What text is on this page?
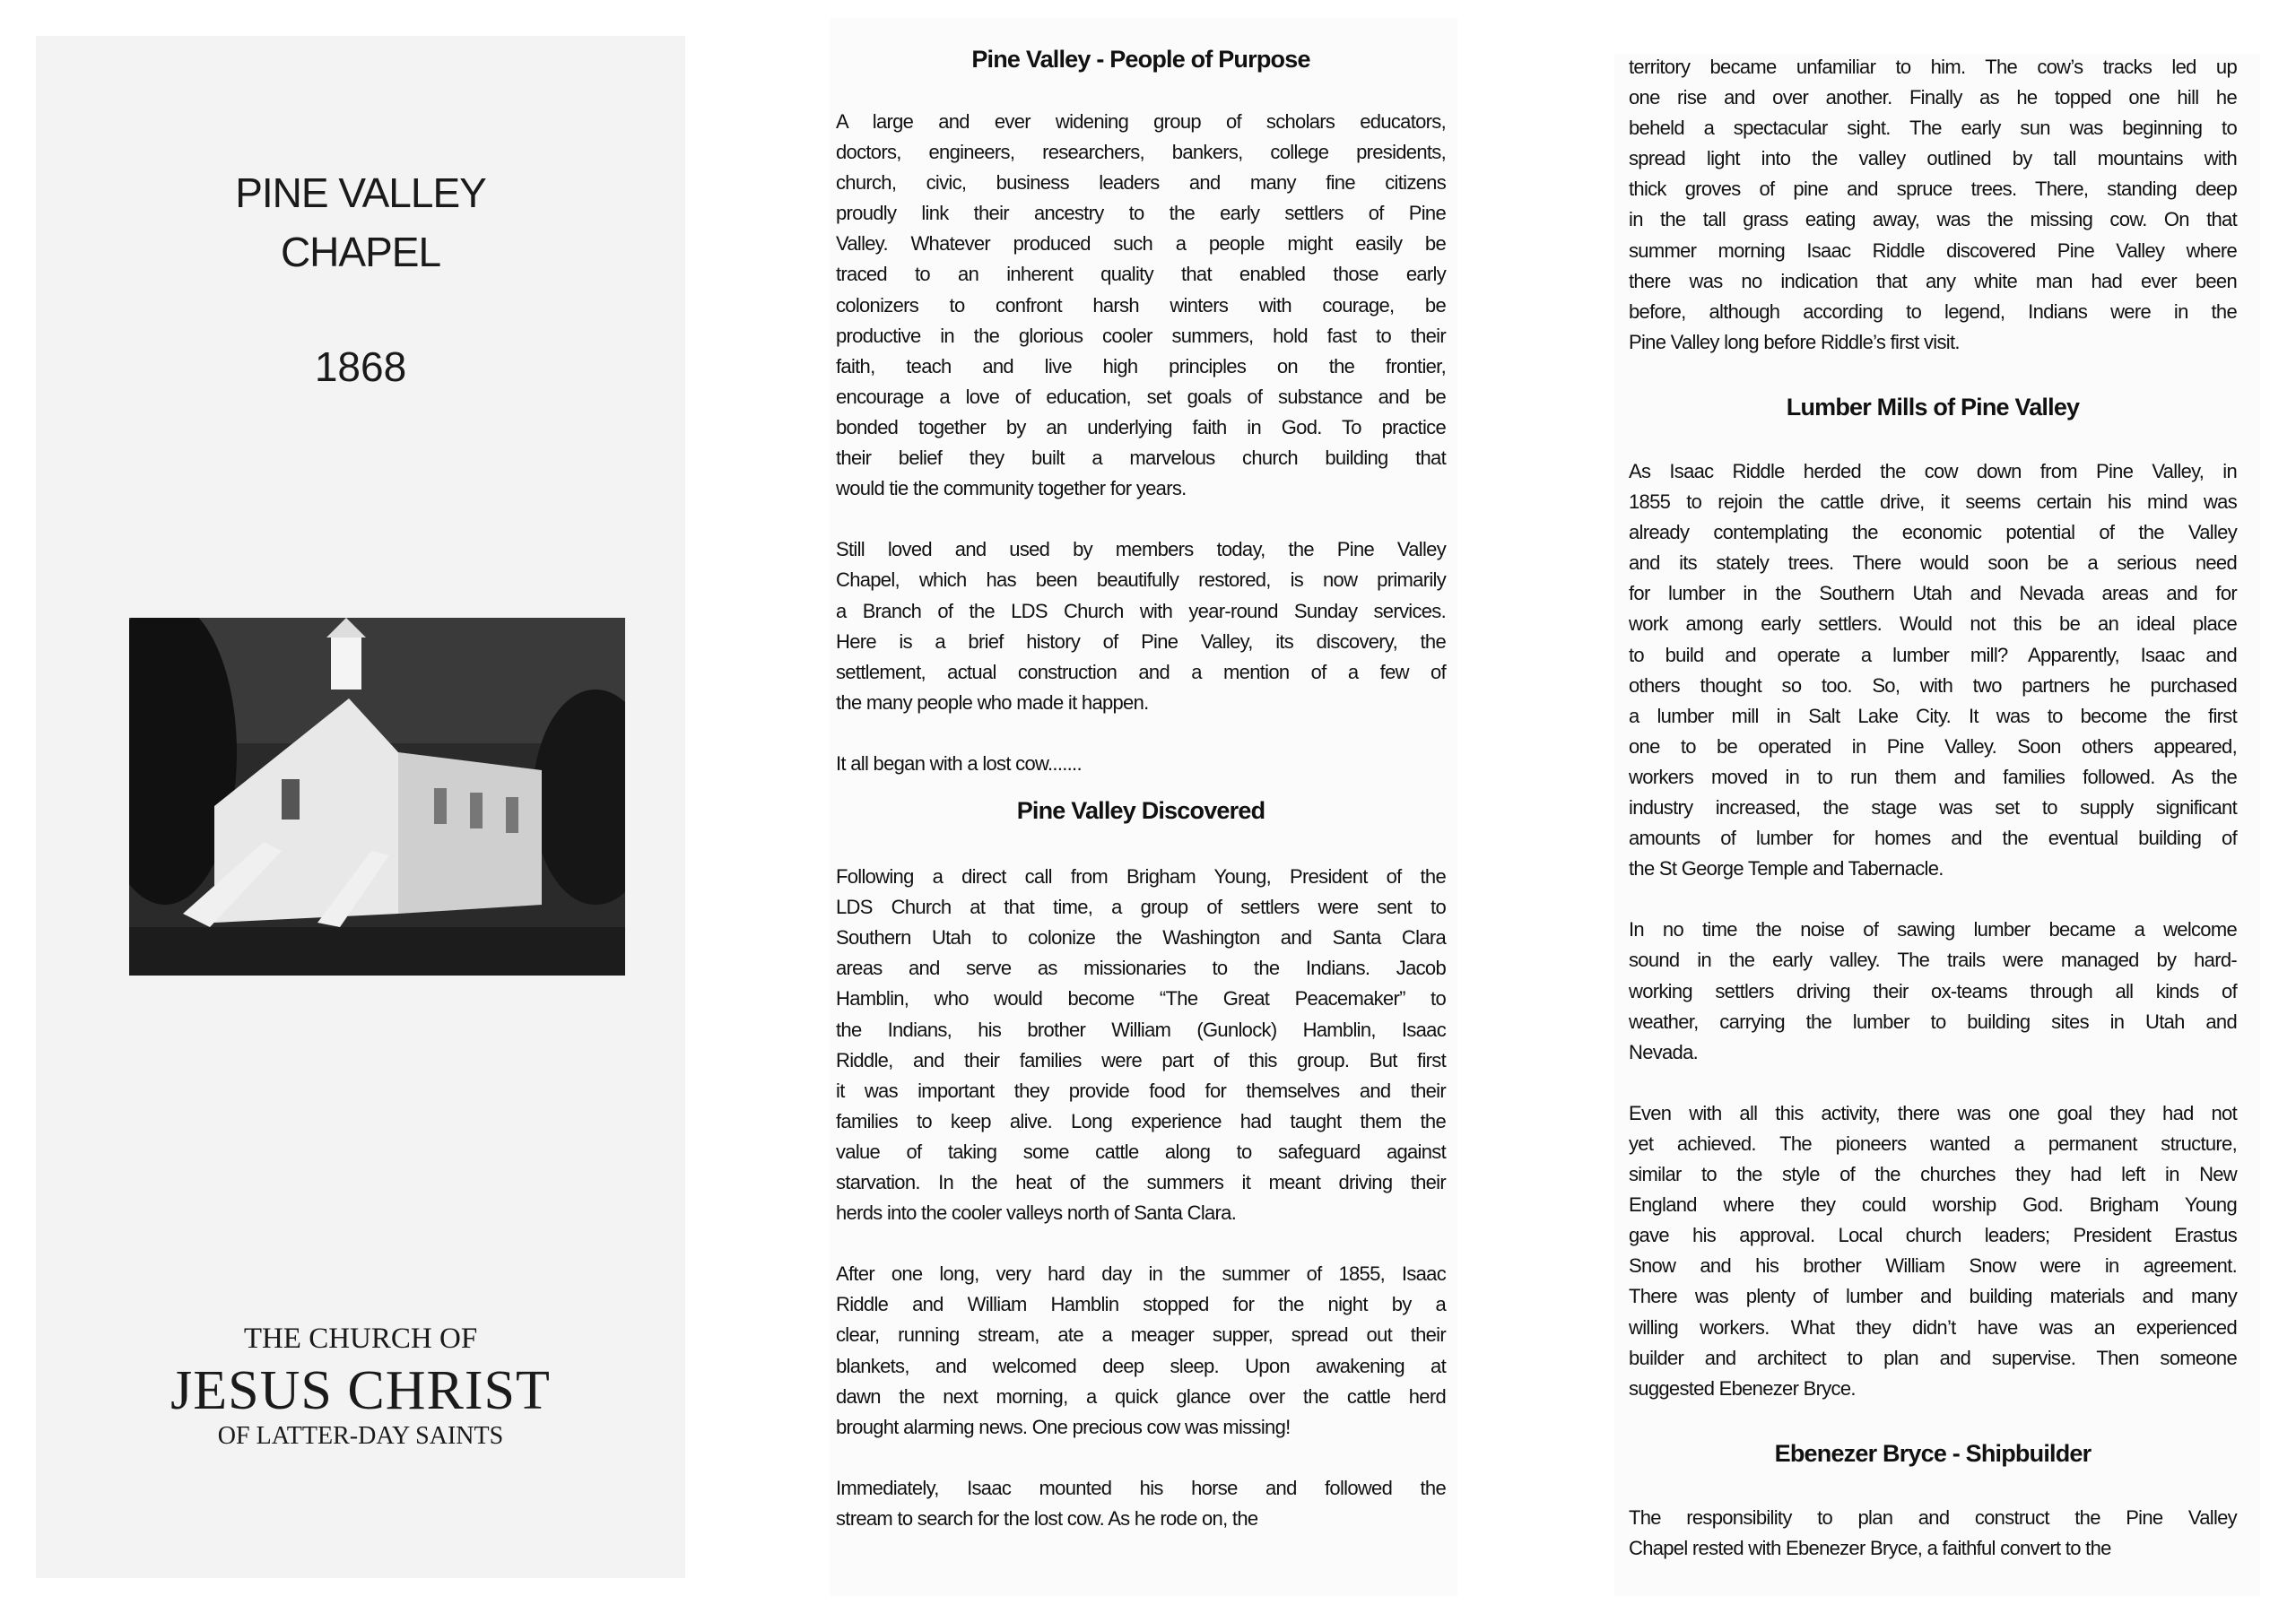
PINE VALLEY
CHAPEL
1868
THE CHURCH OF
JESUS CHRIST
OF LATTER-DAY SAINTS
Pine Valley - People of Purpose
A large and ever widening group of scholars educators,
doctors, engineers, researchers, bankers, college presidents,
church, civic, business leaders and many fine citizens
proudly link their ancestry to the early settlers of Pine
Valley. Whatever produced such a people might easily be
traced to an inherent quality that enabled those early
colonizers to confront harsh winters with courage, be
productive in the glorious cooler summers, hold fast to their
faith, teach and live high principles on the frontier,
encourage a love of education, set goals of substance and be
bonded together by an underlying faith in God. To practice
their belief they built a marvelous church building that
would tie the community together for years.
Still loved and used by members today, the Pine Valley
Chapel, which has been beautifully restored, is now primarily
a Branch of the LDS Church with year-round Sunday services.
Here is a brief history of Pine Valley, its discovery, the
settlement, actual construction and a mention of a few of
the many people who made it happen.
It all began with a lost cow.......
Pine Valley Discovered
Following a direct call from Brigham Young, President of the
LDS Church at that time, a group of settlers were sent to
Southern Utah to colonize the Washington and Santa Clara
areas and serve as missionaries to the Indians. Jacob
Hamblin, who would become “The Great Peacemaker” to
the Indians, his brother William (Gunlock) Hamblin, Isaac
Riddle, and their families were part of this group. But first
it was important they provide food for themselves and their
families to keep alive. Long experience had taught them the
value of taking some cattle along to safeguard against
starvation. In the heat of the summers it meant driving their
herds into the cooler valleys north of Santa Clara.
After one long, very hard day in the summer of 1855, Isaac
Riddle and William Hamblin stopped for the night by a
clear, running stream, ate a meager supper, spread out their
blankets, and welcomed deep sleep. Upon awakening at
dawn the next morning, a quick glance over the cattle herd
brought alarming news. One precious cow was missing!
Immediately, Isaac mounted his horse and followed the
stream to search for the lost cow. As he rode on, the
territory became unfamiliar to him. The cow’s tracks led up
one rise and over another. Finally as he topped one hill he
beheld a spectacular sight. The early sun was beginning to
spread light into the valley outlined by tall mountains with
thick groves of pine and spruce trees. There, standing deep
in the tall grass eating away, was the missing cow. On that
summer morning Isaac Riddle discovered Pine Valley where
there was no indication that any white man had ever been
before, although according to legend, Indians were in the
Pine Valley long before Riddle’s first visit.
Lumber Mills of Pine Valley
As Isaac Riddle herded the cow down from Pine Valley, in
1855 to rejoin the cattle drive, it seems certain his mind was
already contemplating the economic potential of the Valley
and its stately trees. There would soon be a serious need
for lumber in the Southern Utah and Nevada areas and for
work among early settlers. Would not this be an ideal place
to build and operate a lumber mill? Apparently, Isaac and
others thought so too. So, with two partners he purchased
a lumber mill in Salt Lake City. It was to become the first
one to be operated in Pine Valley. Soon others appeared,
workers moved in to run them and families followed. As the
industry increased, the stage was set to supply significant
amounts of lumber for homes and the eventual building of
the St George Temple and Tabernacle.
In no time the noise of sawing lumber became a welcome
sound in the early valley. The trails were managed by hard-
working settlers driving their ox-teams through all kinds of
weather, carrying the lumber to building sites in Utah and
Nevada.
Even with all this activity, there was one goal they had not
yet achieved. The pioneers wanted a permanent structure,
similar to the style of the churches they had left in New
England where they could worship God. Brigham Young
gave his approval. Local church leaders; President Erastus
Snow and his brother William Snow were in agreement.
There was plenty of lumber and building materials and many
willing workers. What they didn’t have was an experienced
builder and architect to plan and supervise. Then someone
suggested Ebenezer Bryce.
Ebenezer Bryce - Shipbuilder
The responsibility to plan and construct the Pine Valley
Chapel rested with Ebenezer Bryce, a faithful convert to the
